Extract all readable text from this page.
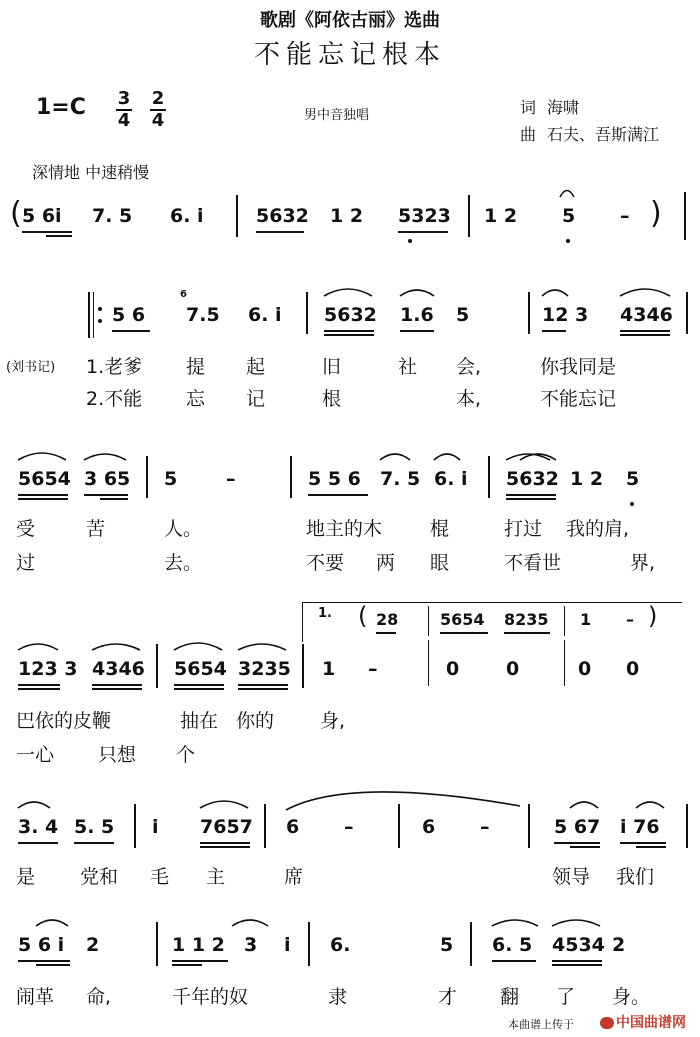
歌剧《阿依古丽》选曲
不能忘记根本
1=C 3
4
2
4	男中音独唱	词 海啸
曲 石夫、吾斯满江
深情地 中速稍慢
( 5 6i 7. 5 6. i	5632 1 2 5323 1 2 5 – )
5 6
6
7.5 6. i 5632 1.6 5	12 3 4346
(刘书记) 1.老爹 提 起	旧	社 会,	你我同是
2.不能 忘 记	根	本,	不能忘记
5654 3 65 5	–	5 5 6 7. 5 6. i 5632 1 2 5
受	苦	人。	地主的木	棍	打过 我的肩,
过	去。	不要 两 眼	不看世	界,
1. ( 28	5654 8235 1 – )
123 3 4346 5654 3235 1 –	0 0	0 0
巴依的皮鞭	抽在 你的 身,
一心 只想 个
3. 4 5. 5 i 7657 6 –	6 –	5 67 i 76
是 党和 毛 主	席	领导 我们
5 6 i 2	1 1 2 3 i 6.	5 6. 5 4534 2
闹革 命,	千年的奴	隶	才 翻 了 身。
本曲谱上传于	中国曲谱网
